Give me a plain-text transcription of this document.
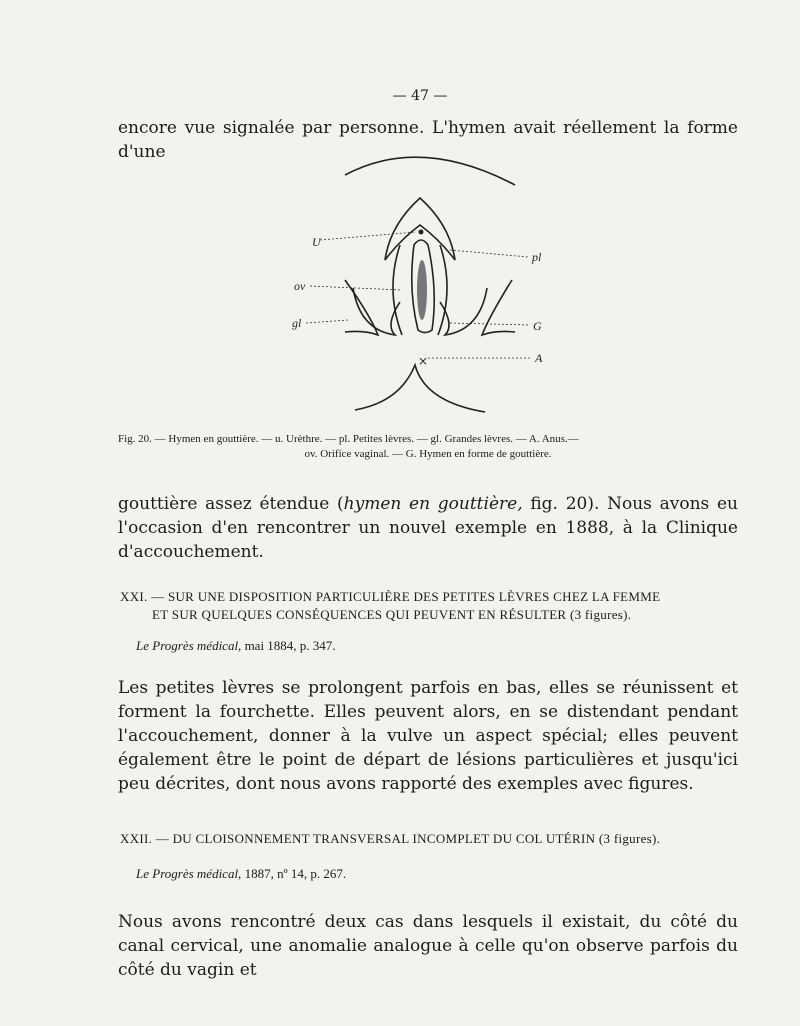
— 47 —

encore vue signalée par personne. L'hymen avait réellement la forme d'une

×
U
pl
ov
gl	G
A

Fig. 20. — Hymen en gouttière. — u. Urèthre. — pl. Petites lèvres. — gl. Grandes lèvres. — A. Anus.—
ov. Orifice vaginal. — G. Hymen en forme de gouttière.

gouttière assez étendue (hymen en gouttière, fig. 20). Nous avons eu l'occasion d'en rencontrer un nouvel exemple en 1888, à la Clinique d'accouchement.

XXI. — SUR UNE DISPOSITION PARTICULIÈRE DES PETITES LÈVRES CHEZ LA FEMME
ET SUR QUELQUES CONSÉQUENCES QUI PEUVENT EN RÉSULTER (3 figures).

Le Progrès médical, mai 1884, p. 347.

Les petites lèvres se prolongent parfois en bas, elles se réunissent et forment la fourchette. Elles peuvent alors, en se distendant pendant l'accouchement, donner à la vulve un aspect spécial; elles peuvent également être le point de départ de lésions particulières et jusqu'ici peu décrites, dont nous avons rapporté des exemples avec figures.

XXII. — DU CLOISONNEMENT TRANSVERSAL INCOMPLET DU COL UTÉRIN (3 figures).

Le Progrès médical, 1887, nº 14, p. 267.

Nous avons rencontré deux cas dans lesquels il existait, du côté du canal cervical, une anomalie analogue à celle qu'on observe parfois du côté du vagin et
